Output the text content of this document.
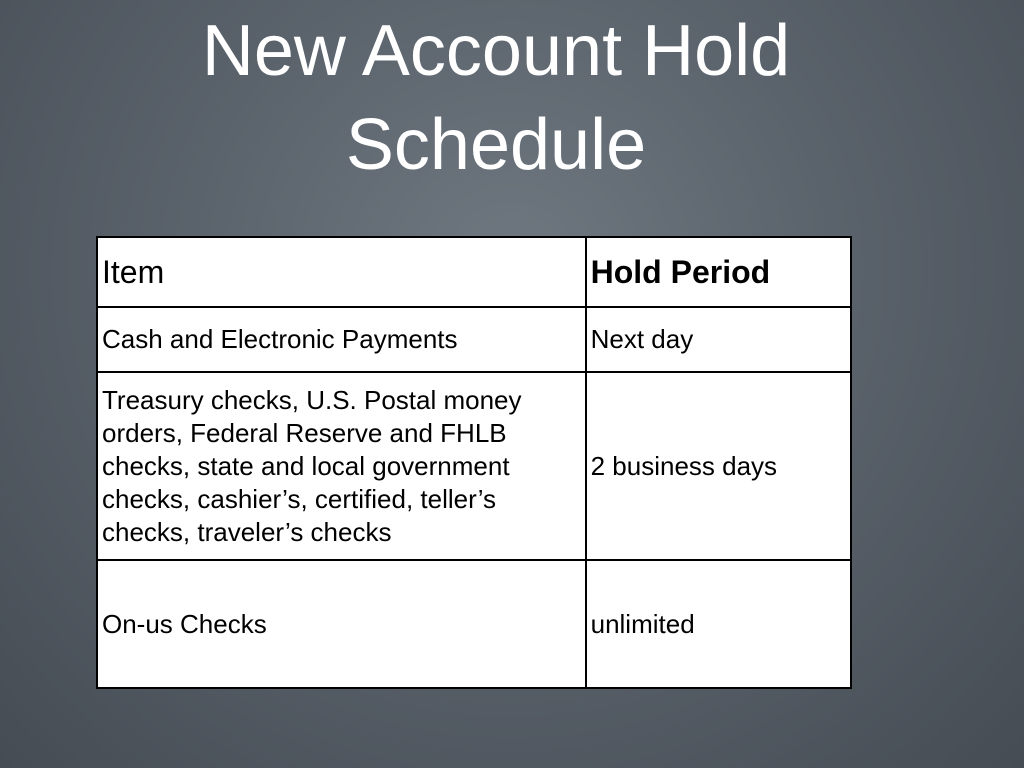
New Account Hold
Schedule
Item	Hold Period
Cash and Electronic Payments	Next day
Treasury checks, U.S. Postal money orders, Federal Reserve and FHLB checks, state and local government checks, cashier’s, certified, teller’s checks, traveler’s checks	2 business days
On-us Checks	unlimited
